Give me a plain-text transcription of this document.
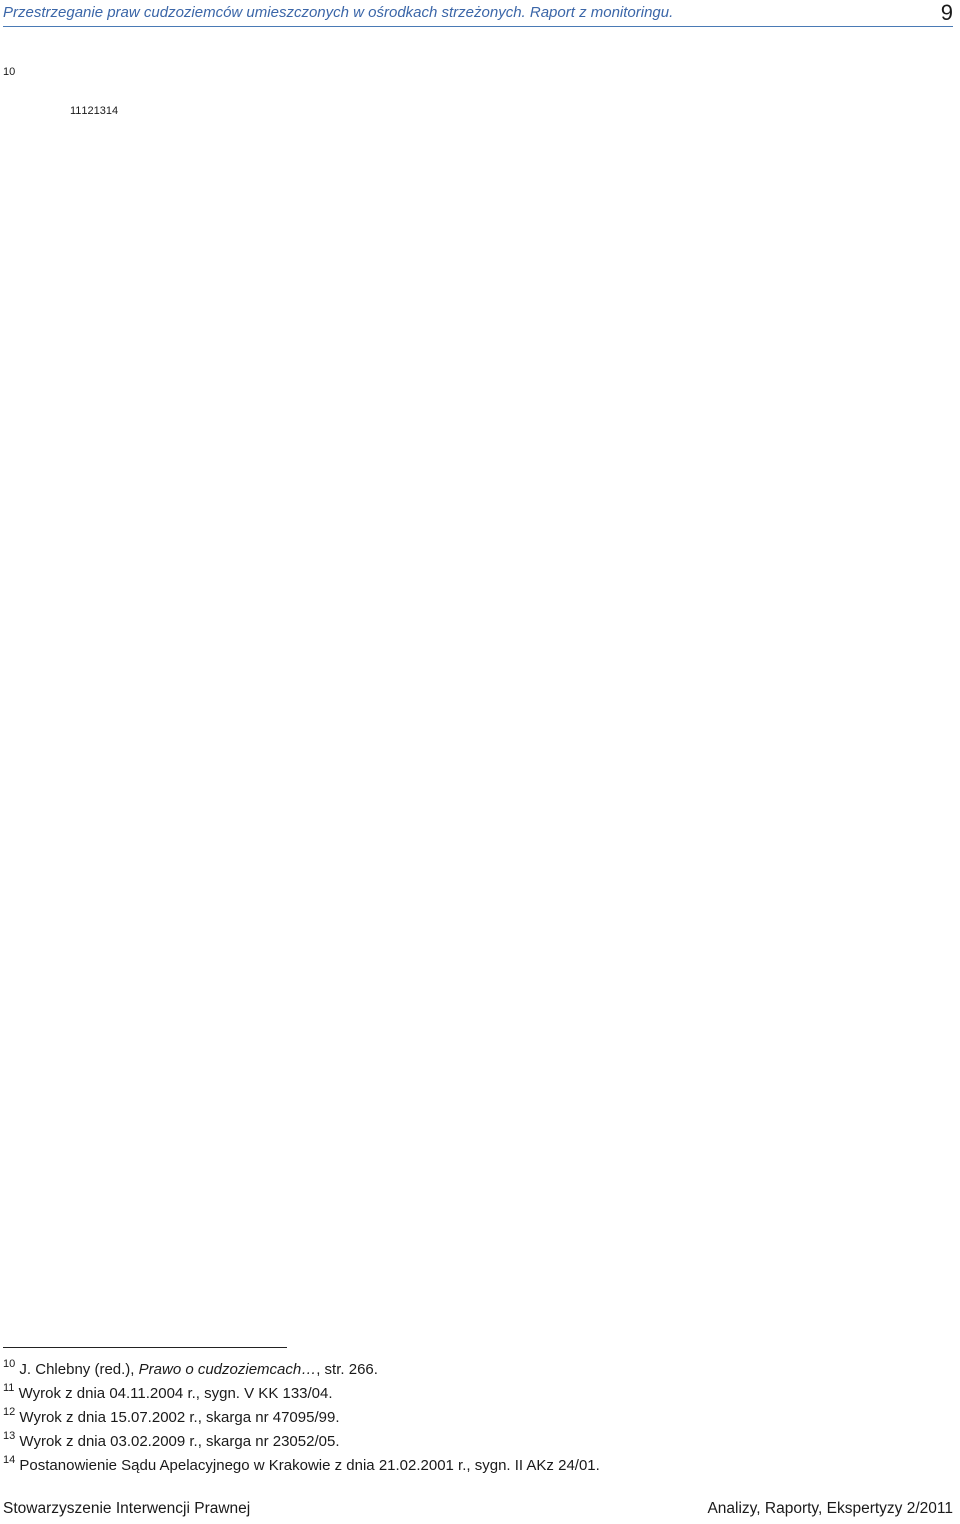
Przestrzeganie praw cudzoziemców umieszczonych w ośrodkach strzeżonych. Raport z monitoringu.	9

$^{10}$

$^{11121314}$

$^{10}$ J. Chlebny (red.), Prawo o cudzoziemcach…, str. 266.
$^{11}$ Wyrok z dnia 04.11.2004 r., sygn. V KK 133/04.
$^{12}$ Wyrok z dnia 15.07.2002 r., skarga nr 47095/99.
$^{13}$ Wyrok z dnia 03.02.2009 r., skarga nr 23052/05.
$^{14}$ Postanowienie Sądu Apelacyjnego w Krakowie z dnia 21.02.2001 r., sygn. II AKz 24/01.
Stowarzyszenie Interwencji Prawnej	Analizy, Raporty, Ekspertyzy 2/2011
